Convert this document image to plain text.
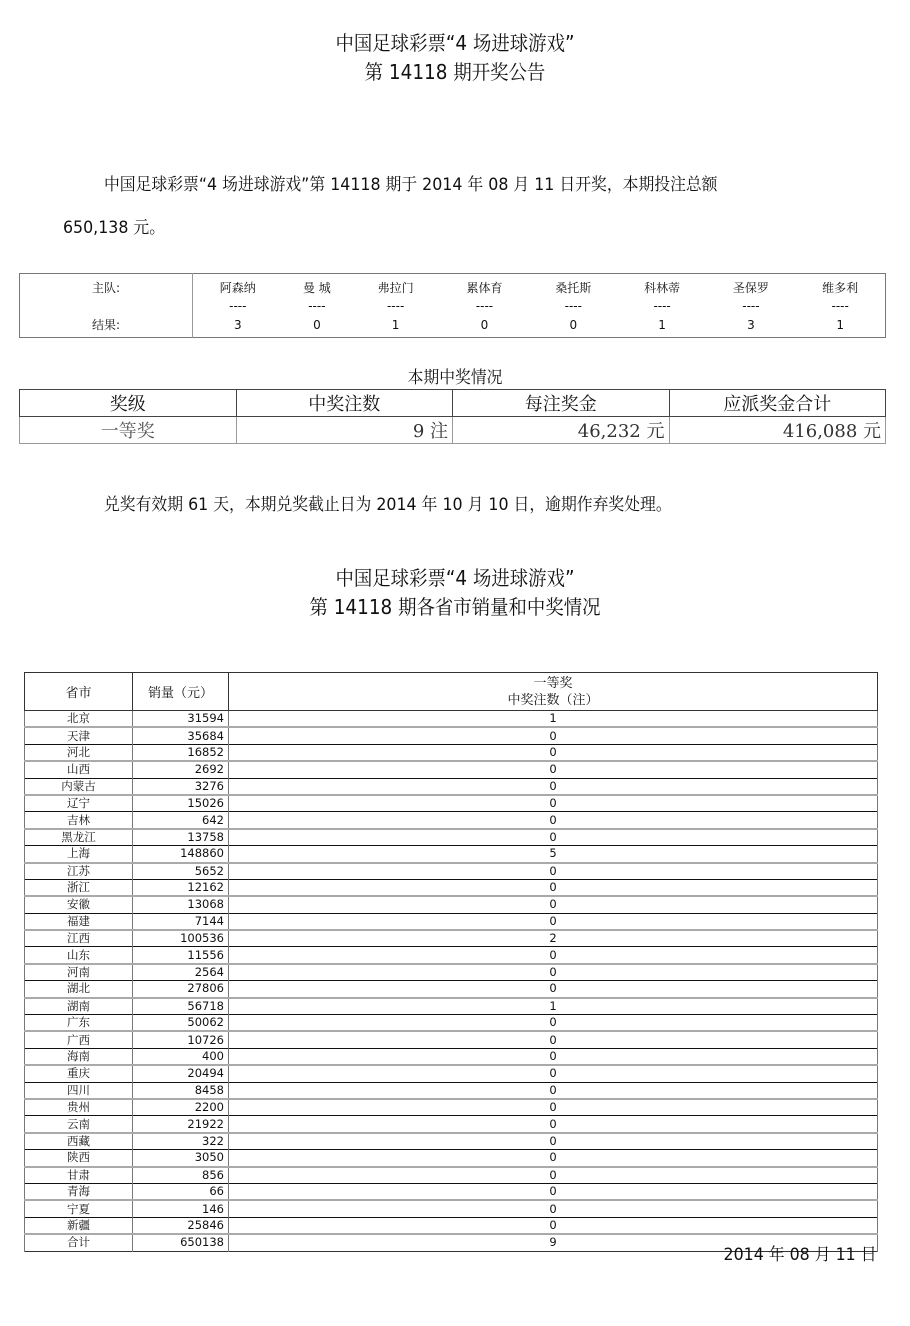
中国足球彩票“4 场进球游戏”
第 14118 期开奖公告
中国足球彩票“4 场进球游戏”第 14118 期于 2014 年 08 月 11 日开奖，本期投注总额
650,138 元。
主队:	阿森纳	曼 城	弗拉门	累体育	桑托斯	科林蒂	圣保罗	维多利
	----	----	----	----	----	----	----	----
结果:	3	0	1	0	0	1	3	1
本期中奖情况
奖级	中奖注数	每注奖金	应派奖金合计
一等奖	9 注	46,232 元	416,088 元
兑奖有效期 61 天，本期兑奖截止日为 2014 年 10 月 10 日，逾期作弃奖处理。
中国足球彩票“4 场进球游戏”
第 14118 期各省市销量和中奖情况
省市	销量（元）	一等奖
中奖注数（注）

北京	31594	1
天津	35684	0
河北	16852	0
山西	2692	0
内蒙古	3276	0
辽宁	15026	0
吉林	642	0
黑龙江	13758	0
上海	148860	5
江苏	5652	0
浙江	12162	0
安徽	13068	0
福建	7144	0
江西	100536	2
山东	11556	0
河南	2564	0
湖北	27806	0
湖南	56718	1
广东	50062	0
广西	10726	0
海南	400	0
重庆	20494	0
四川	8458	0
贵州	2200	0
云南	21922	0
西藏	322	0
陕西	3050	0
甘肃	856	0
青海	66	0
宁夏	146	0
新疆	25846	0
合计	650138	9
2014 年 08 月 11 日
